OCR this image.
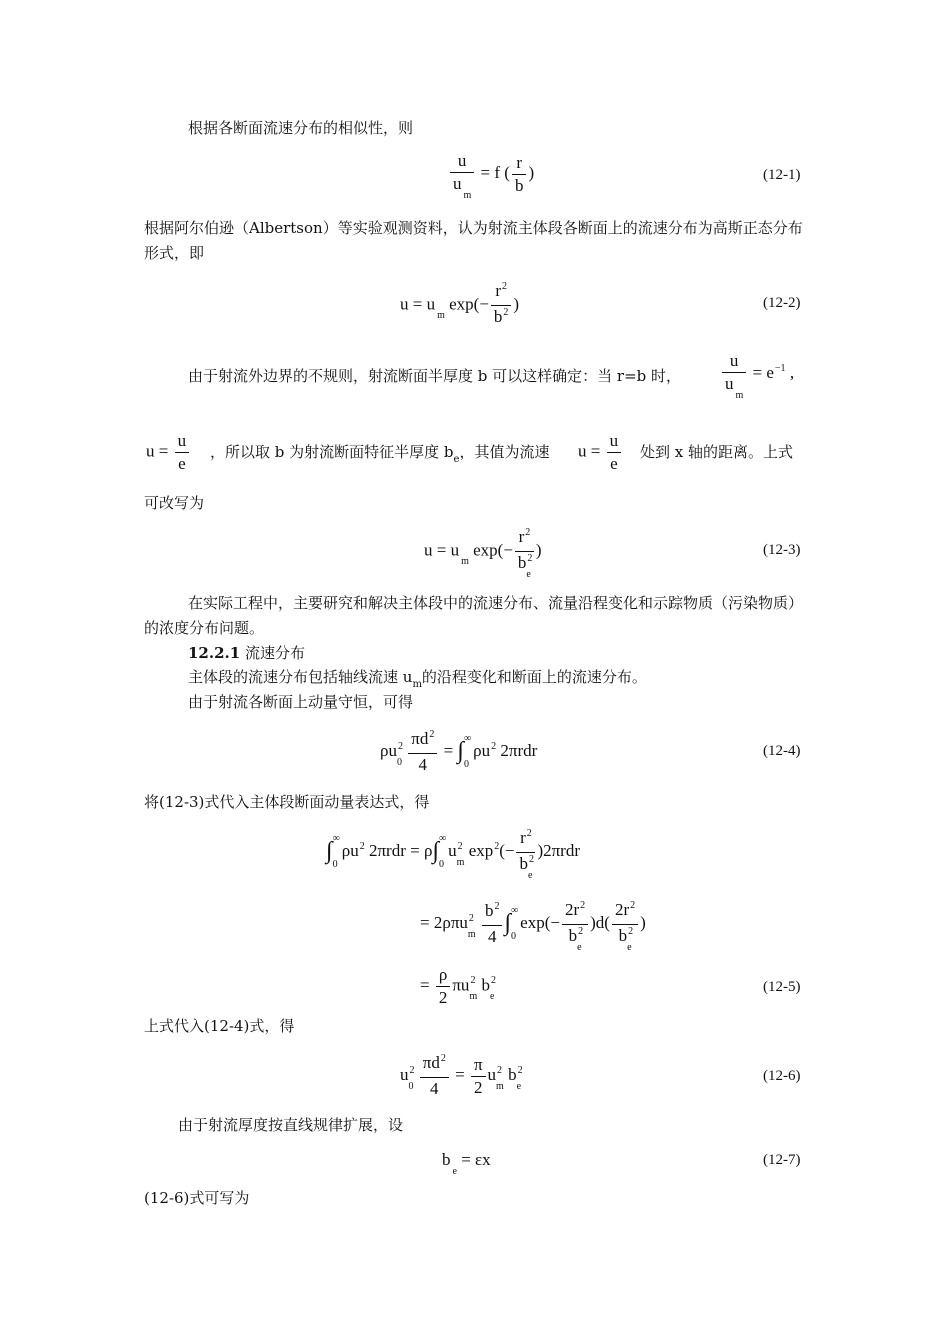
根据各断面流速分布的相似性，则
$\frac{u}{u_m} = f$ ( $\frac{r}{b}$ )	(12-1)
根据阿尔伯逊（Albertson）等实验观测资料，认为射流主体段各断面上的流速分布为高斯正态分布形式，即
$u = u_m$ $\exp(- \frac{r^2}{b^2}$ )	(12-2)
由于射流外边界的不规则，射流断面半厚度 b 可以这样确定：当 r=b 时， $\frac{u}{u_m} = e^{-1}$ ,
$u = \frac{u}{e}$ ，所以取 b 为射流断面特征半厚度 $b_e$，其值为流速 $u = \frac{u}{e}$ 处到 x 轴的距离。上式
可改写为
$u = u_m$ $\exp(- \frac{r^2}{b^2_e}$ )	(12-3)
在实际工程中，主要研究和解决主体段中的流速分布、流量沿程变化和示踪物质（污染物质）的浓度分布问题。
12.2.1 流速分布
主体段的流速分布包括轴线流速 $u_m$的沿程变化和断面上的流速分布。
由于射流各断面上动量守恒，可得
$\rho u^2_0 \frac{\pi d^2}{4}$ = ∫ ∞
0
$\rho u^2$ 2πrdr	(12-4)
将(12-3)式代入主体段断面动量表达式，得
∫ ∞
0
$\rho u^2$ 2πrdr = ρ∫ ∞
0
$u^2_m$ $\exp^2(- \frac{r^2}{b^2_e} )2\pi rdr$
= $2\rho\pi u^2_m \frac{b^2}{4}$ ∫ ∞
0
$\exp(- \frac{2r^2}{b^2_e} )d( \frac{2r^2}{b^2_e}$ )
= $\frac{\rho}{2} \pi u^2_m$ $b^2_e$
(12-5)
上式代入(12-4)式，得
$u^2_0 \frac{\pi d^2}{4} = \frac{\pi}{2} u^2_m$ $b^2_e$
(12-6)
由于射流厚度按直线规律扩展，设
$b_e = \varepsilon x$	(12-7)
(12-6)式可写为
